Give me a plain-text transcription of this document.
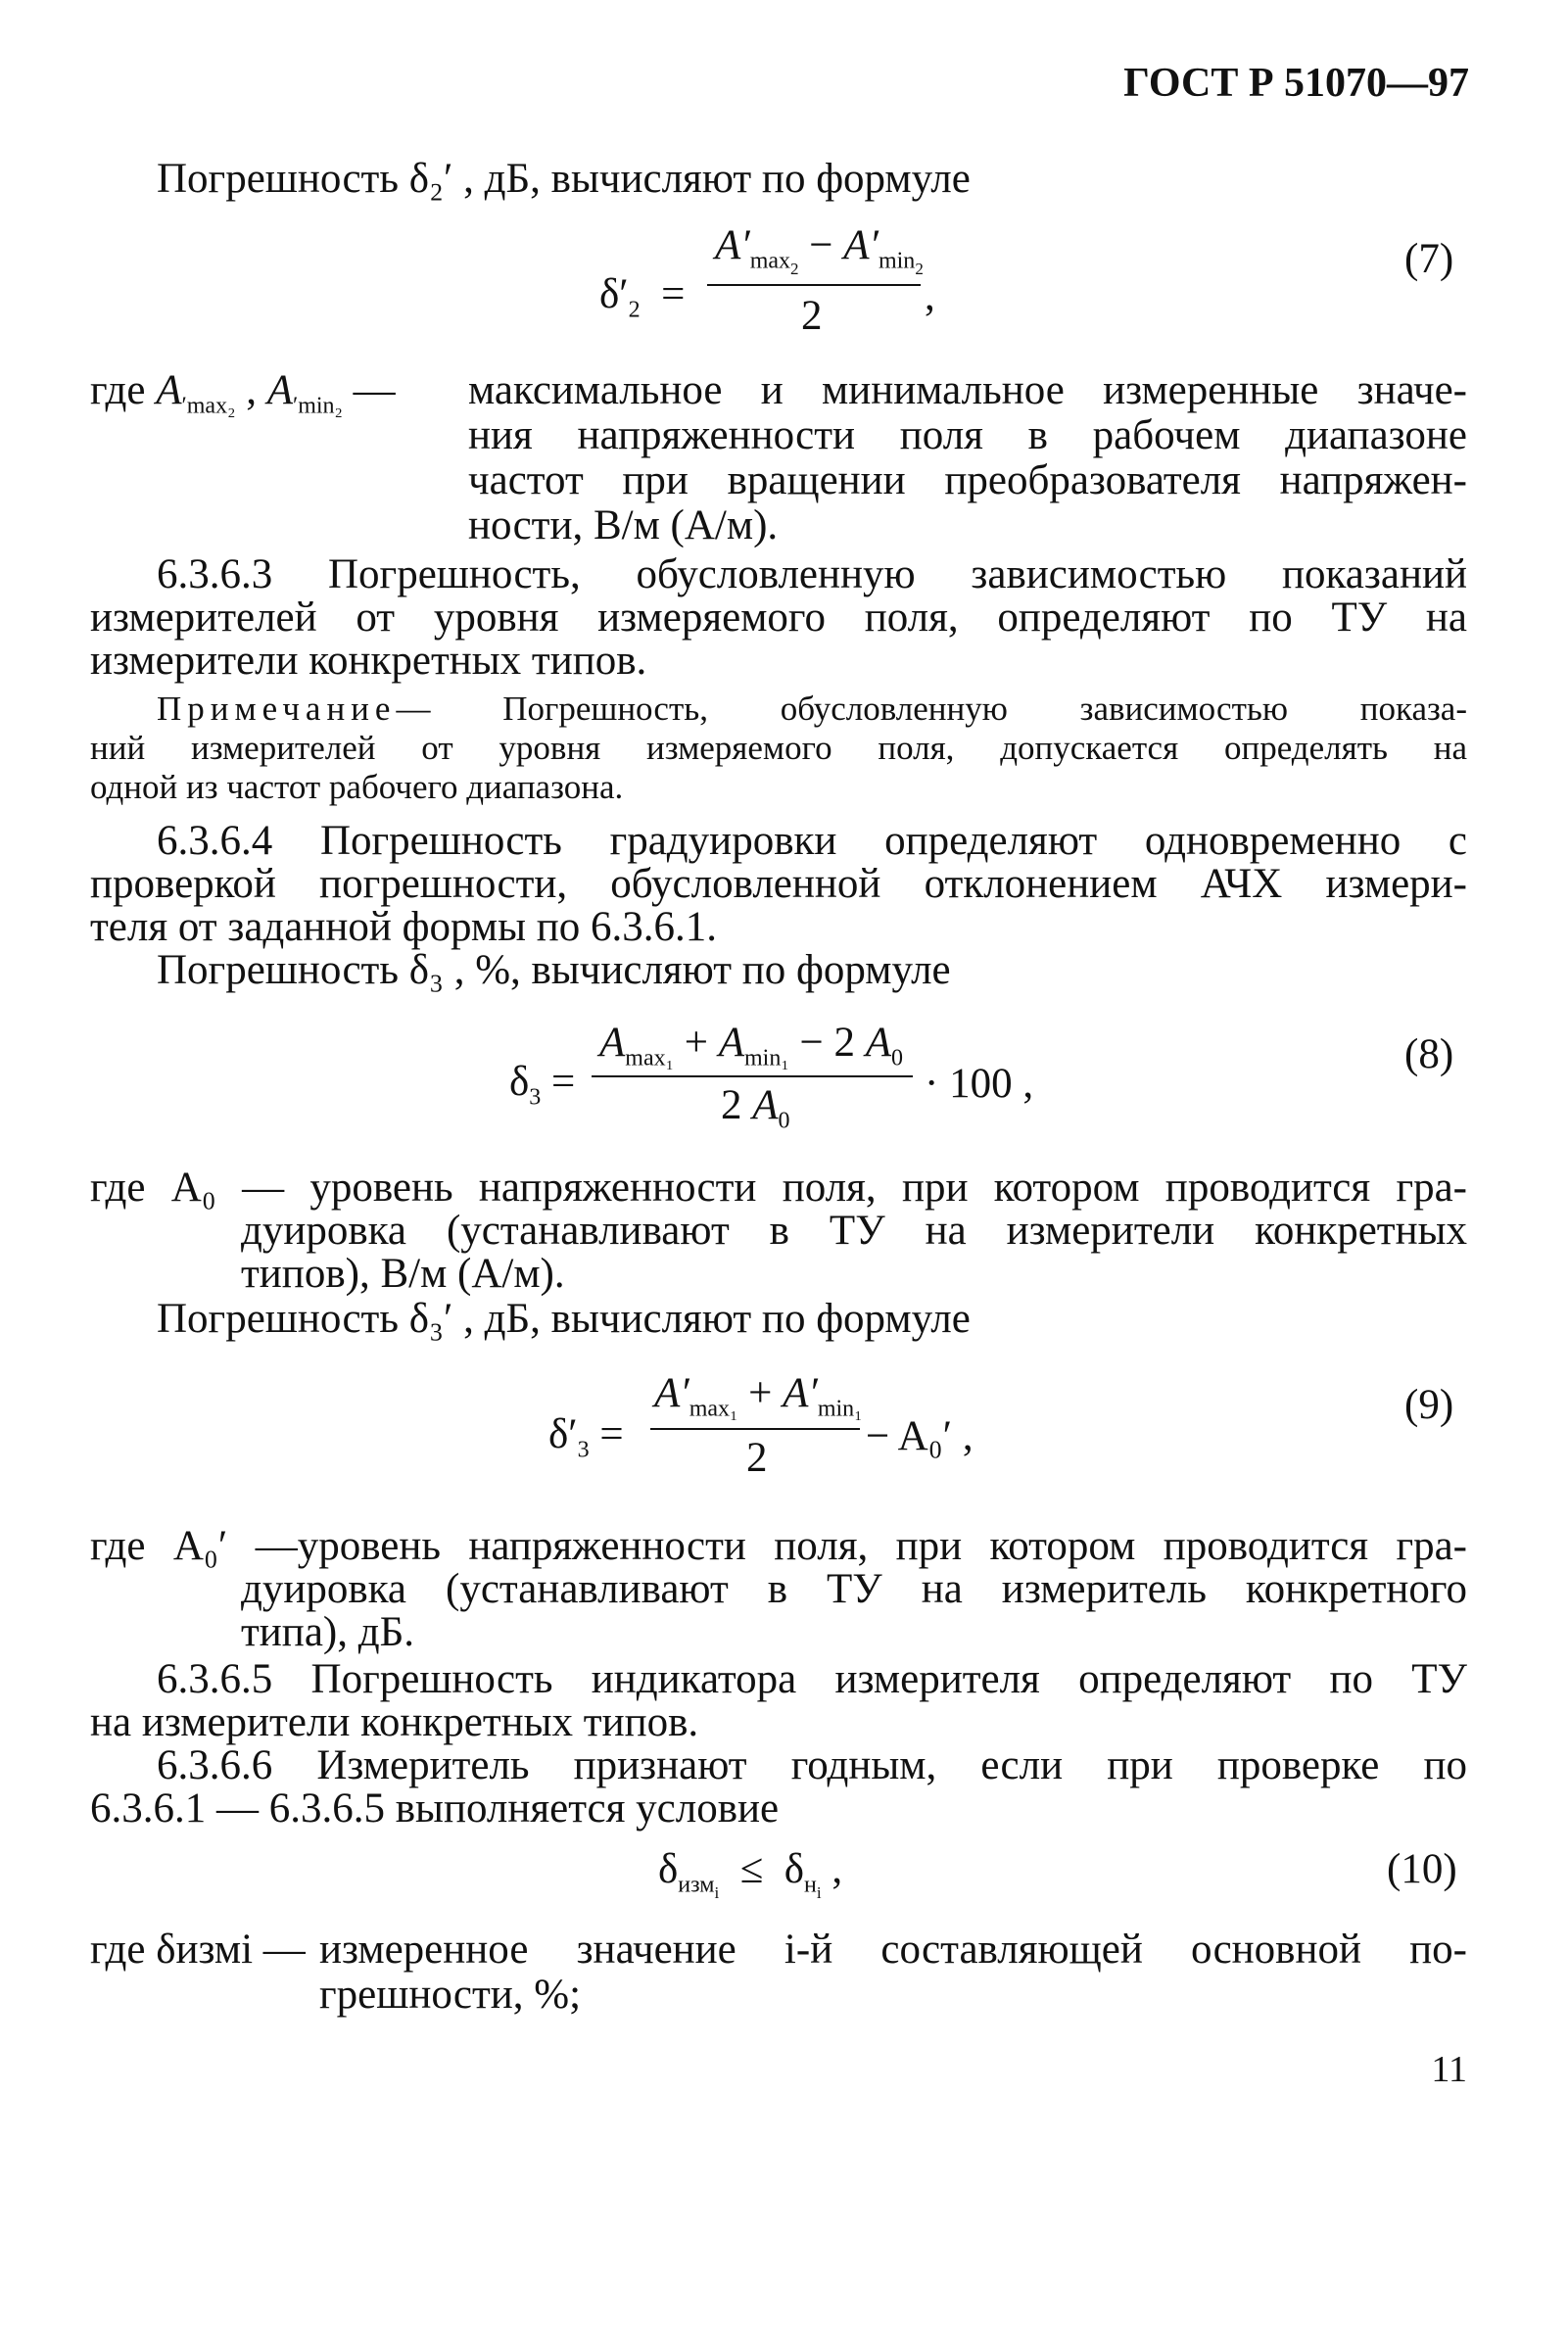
ГОСТ Р 51070—97
Погрешность δ₂′ , дБ, вычисляют по формуле
$\delta'_2$  =
$A'_{max2} - A'_{min2}$
2 ,
(7)
где $A_{'max_2}$ , $A_{'min_2}$ — максимальное и минимальное измеренные значе-
ния напряженности поля в рабочем диапазоне
частот при вращении преобразователя напряжен-
ности, В/м (А/м).
6.3.6.3 Погрешность, обусловленную зависимостью показаний
измерителей от уровня измеряемого поля, определяют по ТУ на
измерители конкретных типов.
Примечание— Погрешность, обусловленную зависимостью показа-
ний измерителей от уровня измеряемого поля, допускается определять на
одной из частот рабочего диапазона.
6.3.6.4 Погрешность градуировки определяют одновременно с
проверкой погрешности, обусловленной отклонением АЧХ измери-
теля от заданной формы по 6.3.6.1.
Погрешность δ₃ , %, вычисляют по формуле
$\delta_3$ =
$A_{max_1} + A_{min_1} - 2$ $A_0$
2 $A_0$
· 100 ,
(8)
где A₀ — уровень напряженности поля, при котором проводится гра-
дуировка (устанавливают в ТУ на измерители конкретных
типов), В/м (А/м).
Погрешность δ₃′ , дБ, вычисляют по формуле
$\delta'_3$ =
$A'_{max_1} + A'_{min_1}$
2 − A₀′ ,
(9)
где A₀′ —уровень напряженности поля, при котором проводится гра-
дуировка (устанавливают в ТУ на измеритель конкретного
типа), дБ.
6.3.6.5 Погрешность индикатора измерителя определяют по ТУ
на измерители конкретных типов.
6.3.6.6 Измеритель признают годным, если при проверке по
6.3.6.1 — 6.3.6.5 выполняется условие
$\delta_{измi} \le \delta_{нi}$ ,	(10)
где δизмi — измеренное значение i-й составляющей основной по-
грешности, %;
11
